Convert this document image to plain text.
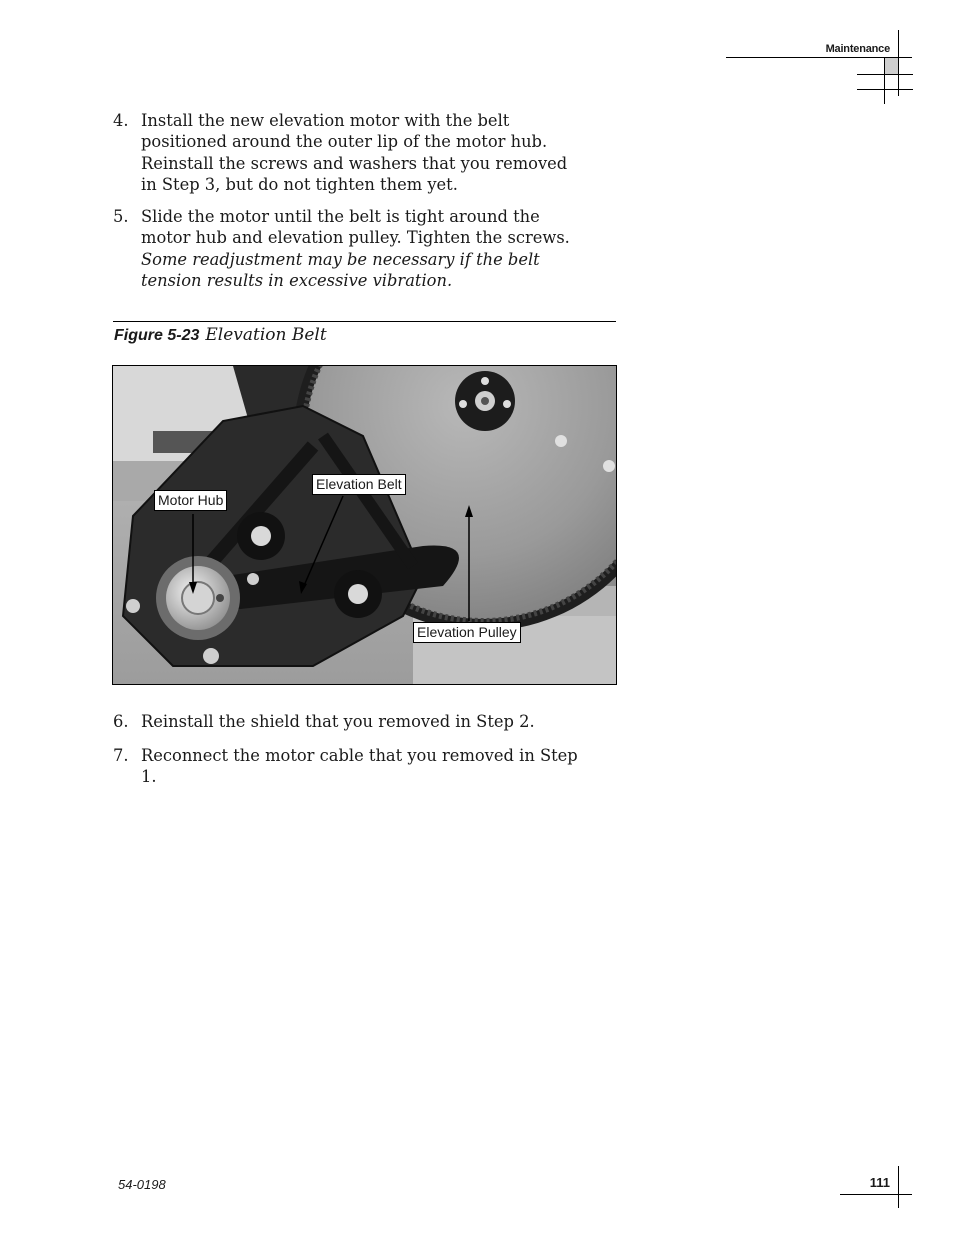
Maintenance
4. Install the new elevation motor with the belt positioned around the outer lip of the motor hub. Reinstall the screws and washers that you removed in Step 3, but do not tighten them yet.
5. Slide the motor until the belt is tight around the motor hub and elevation pulley. Tighten the screws. Some readjustment may be necessary if the belt tension results in excessive vibration.
Figure 5-23 Elevation Belt
Motor Hub
Elevation Belt
Elevation Pulley
6. Reinstall the shield that you removed in Step 2.
7. Reconnect the motor cable that you removed in Step 1.
54-0198	111
